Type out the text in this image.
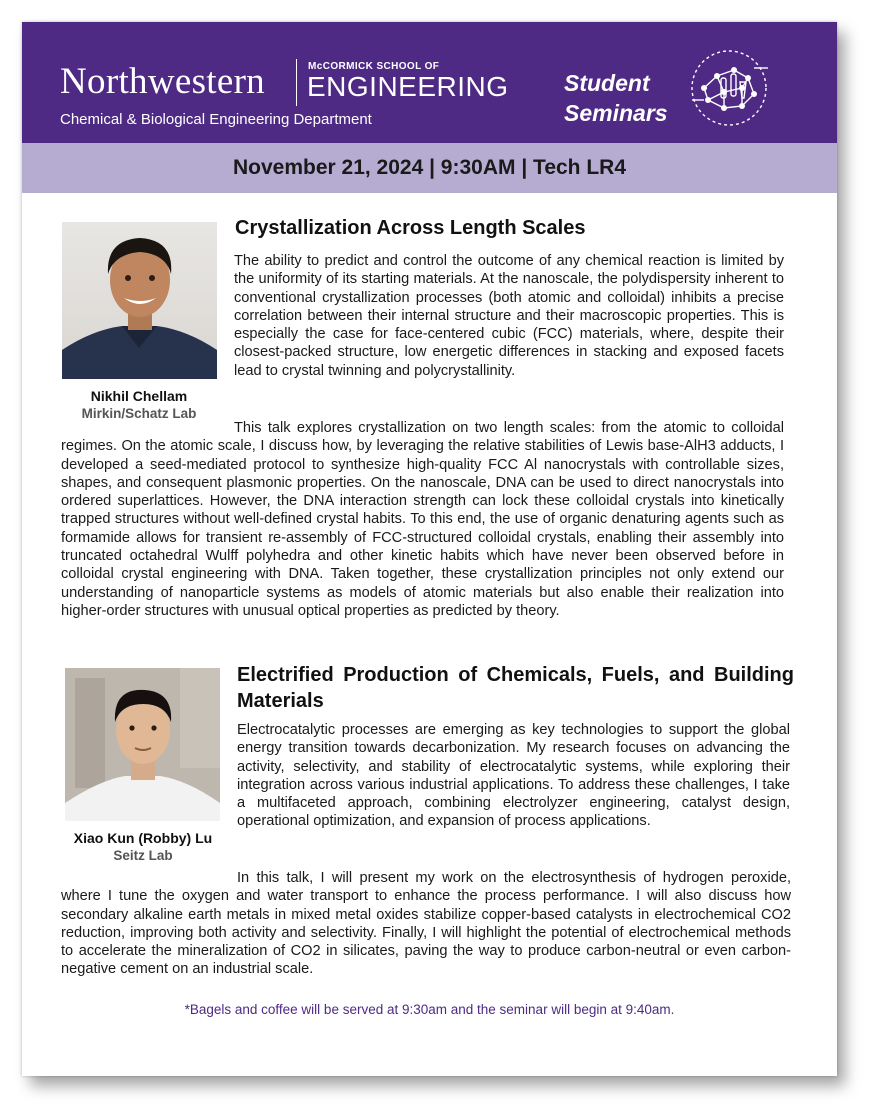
Northwestern	McCORMICK SCHOOL OF
ENGINEERING
Chemical & Biological Engineering Department
Student
Seminars
November 21, 2024 | 9:30AM | Tech LR4
Nikhil Chellam
Mirkin/Schatz Lab
Crystallization Across Length Scales

The ability to predict and control the outcome of any chemical reaction is limited by the uniformity of its starting materials. At the nanoscale, the polydispersity inherent to conventional crystallization processes (both atomic and colloidal) inhibits a precise correlation between their internal structure and their macroscopic properties. This is especially the case for face-centered cubic (FCC) materials, where, despite their closest-packed structure, low energetic differences in stacking and exposed facets lead to crystal twinning and polycrystallinity.

This talk explores crystallization on two length scales: from the atomic to colloidal regimes. On the atomic scale, I discuss how, by leveraging the relative stabilities of Lewis base-AlH3 adducts, I developed a seed-mediated protocol to synthesize high-quality FCC Al nanocrystals with controllable sizes, shapes, and consequent plasmonic properties. On the nanoscale, DNA can be used to direct nanocrystals into ordered superlattices. However, the DNA interaction strength can lock these colloidal crystals into kinetically trapped structures without well-defined crystal habits. To this end, the use of organic denaturing agents such as formamide allows for transient re-assembly of FCC-structured colloidal crystals, enabling their assembly into truncated octahedral Wulff polyhedra and other kinetic habits which have never been observed before in colloidal crystal engineering with DNA. Taken together, these crystallization principles not only extend our understanding of nanoparticle systems as models of atomic materials but also enable their realization into higher-order structures with unusual optical properties as predicted by theory.

Xiao Kun (Robby) Lu
Seitz Lab
Electrified Production of Chemicals, Fuels, and Building Materials

Electrocatalytic processes are emerging as key technologies to support the global energy transition towards decarbonization. My research focuses on advancing the activity, selectivity, and stability of electrocatalytic systems, while exploring their integration across various industrial applications. To address these challenges, I take a multifaceted approach, combining electrolyzer engineering, catalyst design, operational optimization, and expansion of process applications.

In this talk, I will present my work on the electrosynthesis of hydrogen peroxide, where I tune the oxygen and water transport to enhance the process performance. I will also discuss how secondary alkaline earth metals in mixed metal oxides stabilize copper-based catalysts in electrochemical CO2 reduction, improving both activity and selectivity. Finally, I will highlight the potential of electrochemical methods to accelerate the mineralization of CO2 in silicates, paving the way to produce carbon-neutral or even carbon-negative cement on an industrial scale.

*Bagels and coffee will be served at 9:30am and the seminar will begin at 9:40am.
